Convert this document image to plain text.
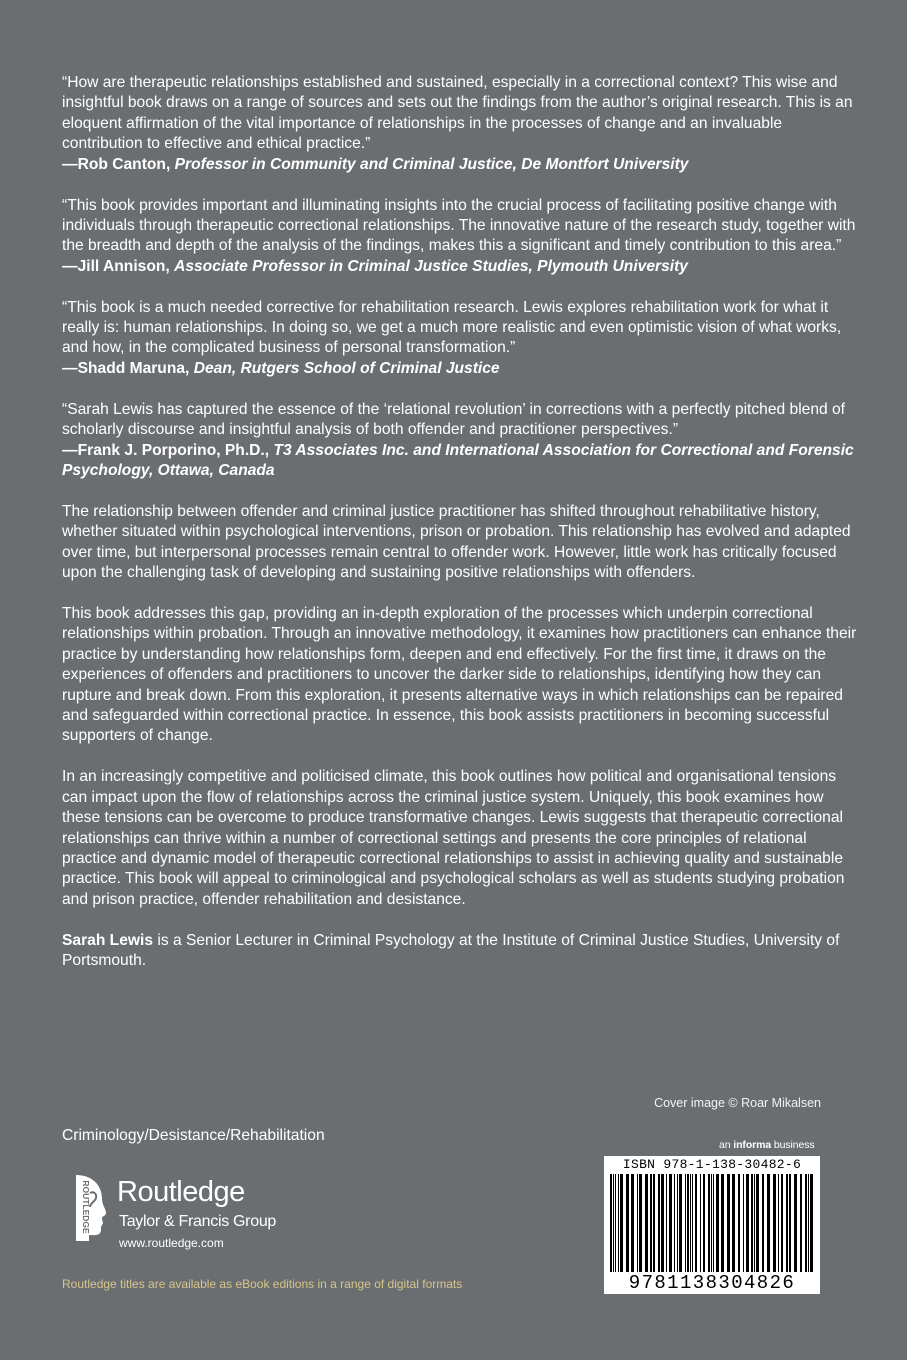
“How are therapeutic relationships established and sustained, especially in a correctional context? This wise and insightful book draws on a range of sources and sets out the findings from the author’s original research. This is an eloquent affirmation of the vital importance of relationships in the processes of change and an invaluable contribution to effective and ethical practice.”
—Rob Canton, Professor in Community and Criminal Justice, De Montfort University
“This book provides important and illuminating insights into the crucial process of facilitating positive change with individuals through therapeutic correctional relationships. The innovative nature of the research study, together with the breadth and depth of the analysis of the findings, makes this a significant and timely contribution to this area.”
—Jill Annison, Associate Professor in Criminal Justice Studies, Plymouth University
“This book is a much needed corrective for rehabilitation research. Lewis explores rehabilitation work for what it really is: human relationships. In doing so, we get a much more realistic and even optimistic vision of what works, and how, in the complicated business of personal transformation.”
—Shadd Maruna, Dean, Rutgers School of Criminal Justice
“Sarah Lewis has captured the essence of the ‘relational revolution’ in corrections with a perfectly pitched blend of scholarly discourse and insightful analysis of both offender and practitioner perspectives.”
—Frank J. Porporino, Ph.D., T3 Associates Inc. and International Association for Correctional and Forensic Psychology, Ottawa, Canada

The relationship between offender and criminal justice practitioner has shifted throughout rehabilitative history, whether situated within psychological interventions, prison or probation. This relationship has evolved and adapted over time, but interpersonal processes remain central to offender work. However, little work has critically focused upon the challenging task of developing and sustaining positive relationships with offenders.

This book addresses this gap, providing an in-depth exploration of the processes which underpin correctional relationships within probation. Through an innovative methodology, it examines how practitioners can enhance their practice by understanding how relationships form, deepen and end effectively. For the first time, it draws on the experiences of offenders and practitioners to uncover the darker side to relationships, identifying how they can rupture and break down. From this exploration, it presents alternative ways in which relationships can be repaired and safeguarded within correctional practice. In essence, this book assists practitioners in becoming successful supporters of change.

In an increasingly competitive and politicised climate, this book outlines how political and organisational tensions can impact upon the flow of relationships across the criminal justice system. Uniquely, this book examines how these tensions can be overcome to produce transformative changes. Lewis suggests that therapeutic correctional relationships can thrive within a number of correctional settings and presents the core principles of relational practice and dynamic model of therapeutic correctional relationships to assist in achieving quality and sustainable practice. This book will appeal to criminological and psychological scholars as well as students studying probation and prison practice, offender rehabilitation and desistance.

Sarah Lewis is a Senior Lecturer in Criminal Psychology at the Institute of Criminal Justice Studies, University of Portsmouth.

Cover image © Roar Mikalsen
Criminology/Desistance/Rehabilitation
an informa business
ROUTLEDGE Routledge
Taylor & Francis Group
www.routledge.com
Routledge titles are available as eBook editions in a range of digital formats
ISBN 978-1-138-30482-6
9781138304826
